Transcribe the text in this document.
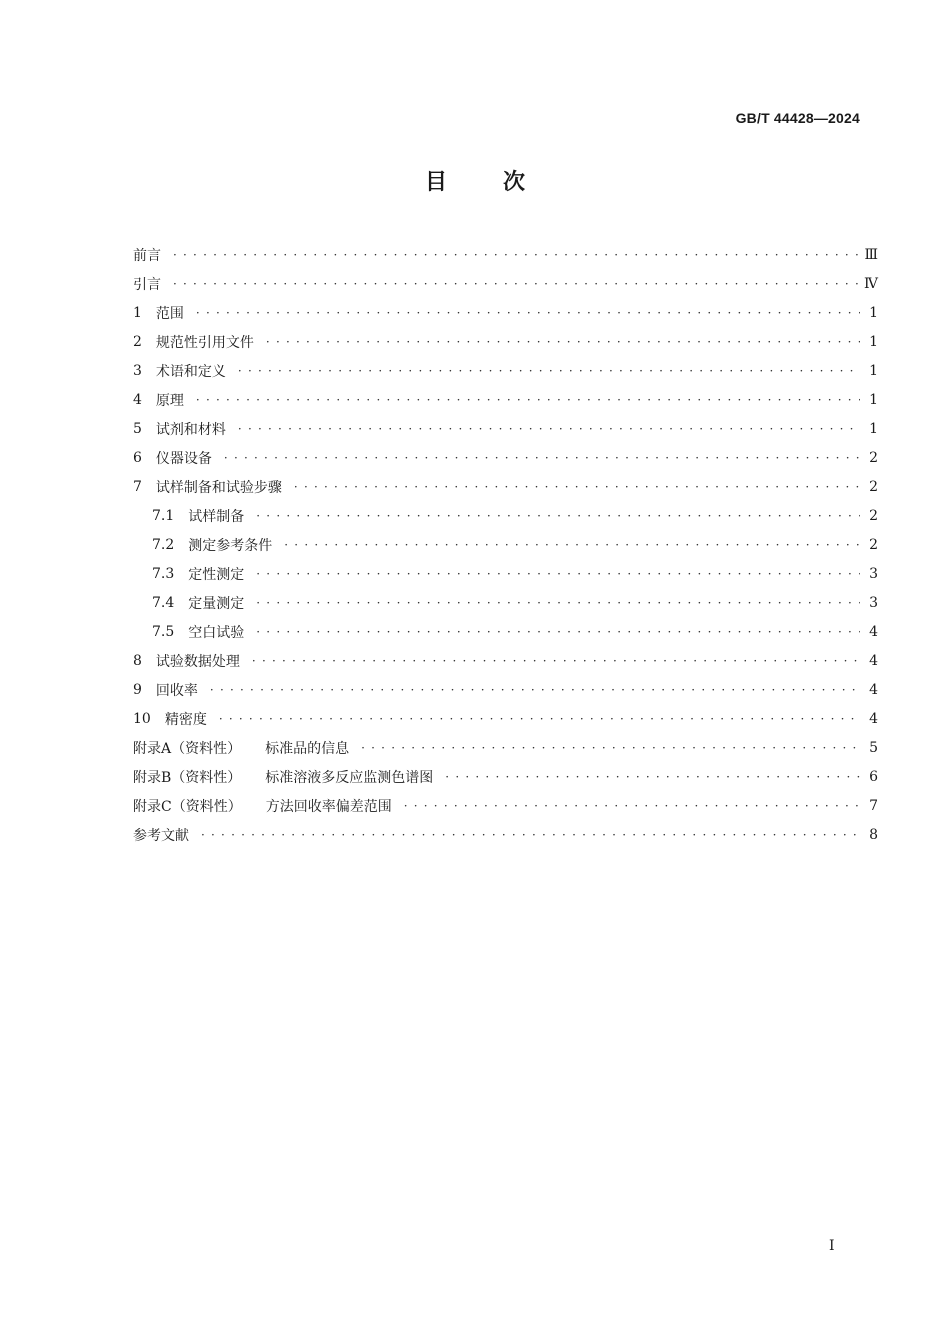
GB/T 44428—2024
目次
前言 · · ·	Ⅲ
引言 · · ·	Ⅳ
1 范围 · · ·	1
2 规范性引用文件 · · ·	1
3 术语和定义 · · ·	1
4 原理 · · ·	1
5 试剂和材料 · · ·	1
6 仪器设备 · · ·	2
7 试样制备和试验步骤 · · ·	2
7.1 试样制备 · · ·	2
7.2 测定参考条件 · · ·	2
7.3 定性测定 · · ·	3
7.4 定量测定 · · ·	3
7.5 空白试验 · · ·	4
8 试验数据处理 · · ·	4
9 回收率 · · ·	4
10 精密度 · · ·	4
附录A（资料性） 标准品的信息 · · ·	5
附录B（资料性） 标准溶液多反应监测色谱图 · · ·	6
附录C（资料性） 方法回收率偏差范围 · · ·	7
参考文献 · · ·	8
I
